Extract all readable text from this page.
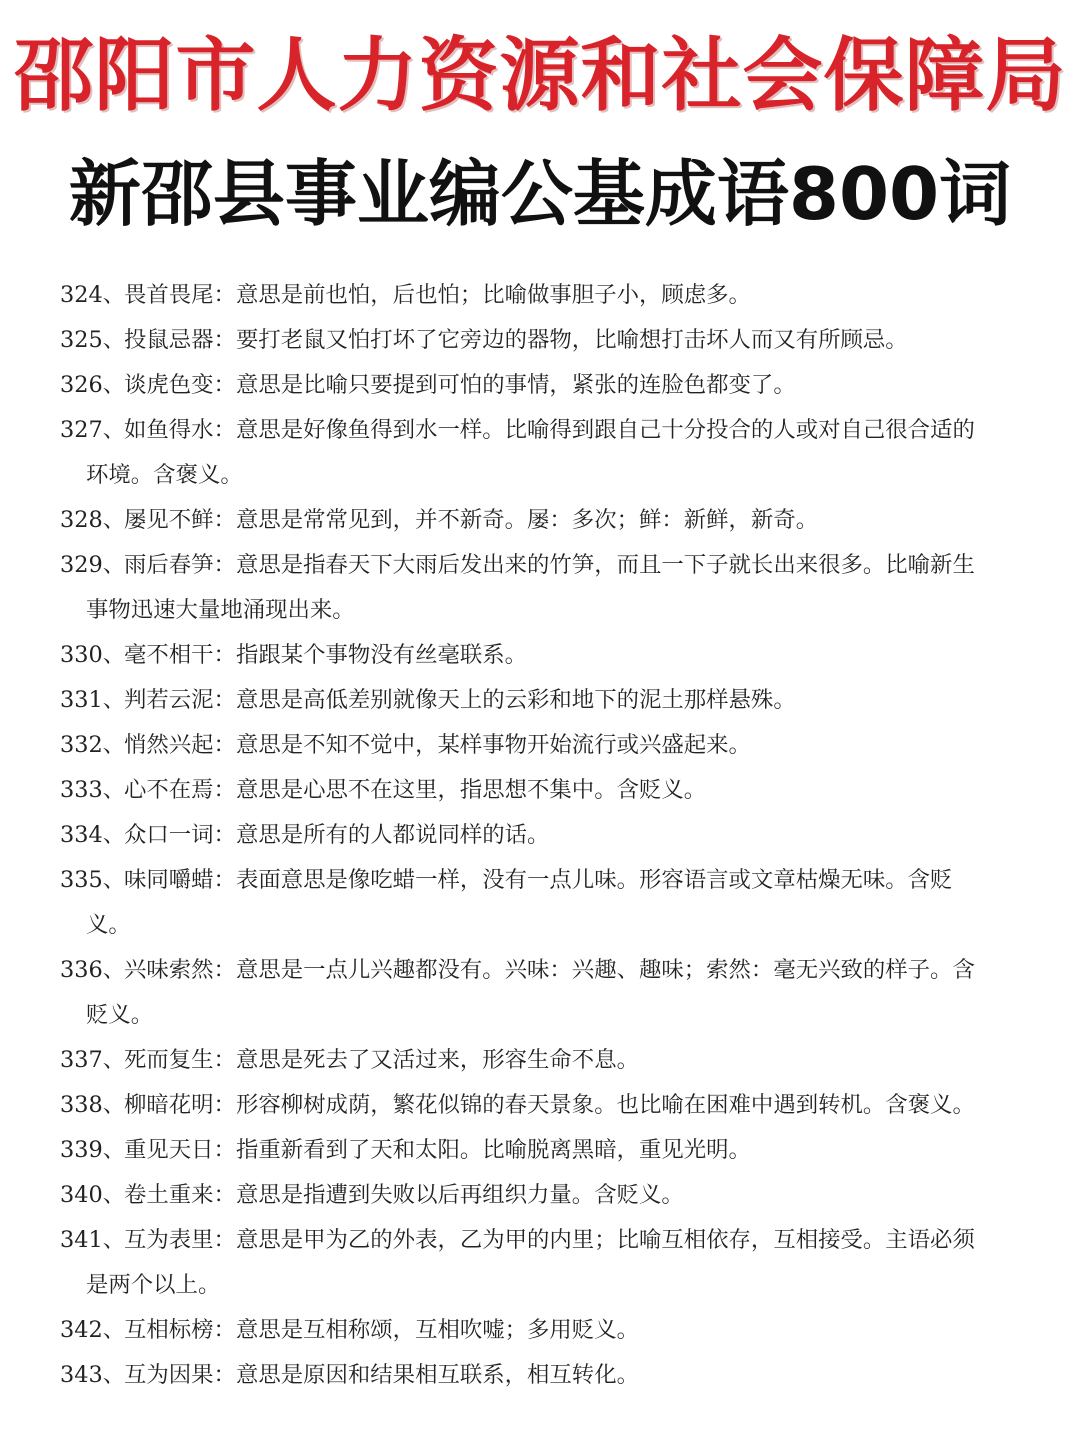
邵阳市人力资源和社会保障局
新邵县事业编公基成语800词
324、畏首畏尾：意思是前也怕，后也怕；比喻做事胆子小，顾虑多。
325、投鼠忌器：要打老鼠又怕打坏了它旁边的器物，比喻想打击坏人而又有所顾忌。
326、谈虎色变：意思是比喻只要提到可怕的事情，紧张的连脸色都变了。
327、如鱼得水：意思是好像鱼得到水一样。比喻得到跟自己十分投合的人或对自己很合适的环境。含褒义。
328、屡见不鲜：意思是常常见到，并不新奇。屡：多次；鲜：新鲜，新奇。
329、雨后春笋：意思是指春天下大雨后发出来的竹笋，而且一下子就长出来很多。比喻新生事物迅速大量地涌现出来。
330、毫不相干：指跟某个事物没有丝毫联系。
331、判若云泥：意思是高低差别就像天上的云彩和地下的泥土那样悬殊。
332、悄然兴起：意思是不知不觉中，某样事物开始流行或兴盛起来。
333、心不在焉：意思是心思不在这里，指思想不集中。含贬义。
334、众口一词：意思是所有的人都说同样的话。
335、味同嚼蜡：表面意思是像吃蜡一样，没有一点儿味。形容语言或文章枯燥无味。含贬义。
336、兴味索然：意思是一点儿兴趣都没有。兴味：兴趣、趣味；索然：毫无兴致的样子。含贬义。
337、死而复生：意思是死去了又活过来，形容生命不息。
338、柳暗花明：形容柳树成荫，繁花似锦的春天景象。也比喻在困难中遇到转机。含褒义。
339、重见天日：指重新看到了天和太阳。比喻脱离黑暗，重见光明。
340、卷土重来：意思是指遭到失败以后再组织力量。含贬义。
341、互为表里：意思是甲为乙的外表，乙为甲的内里；比喻互相依存，互相接受。主语必须是两个以上。
342、互相标榜：意思是互相称颂，互相吹嘘；多用贬义。
343、互为因果：意思是原因和结果相互联系，相互转化。
